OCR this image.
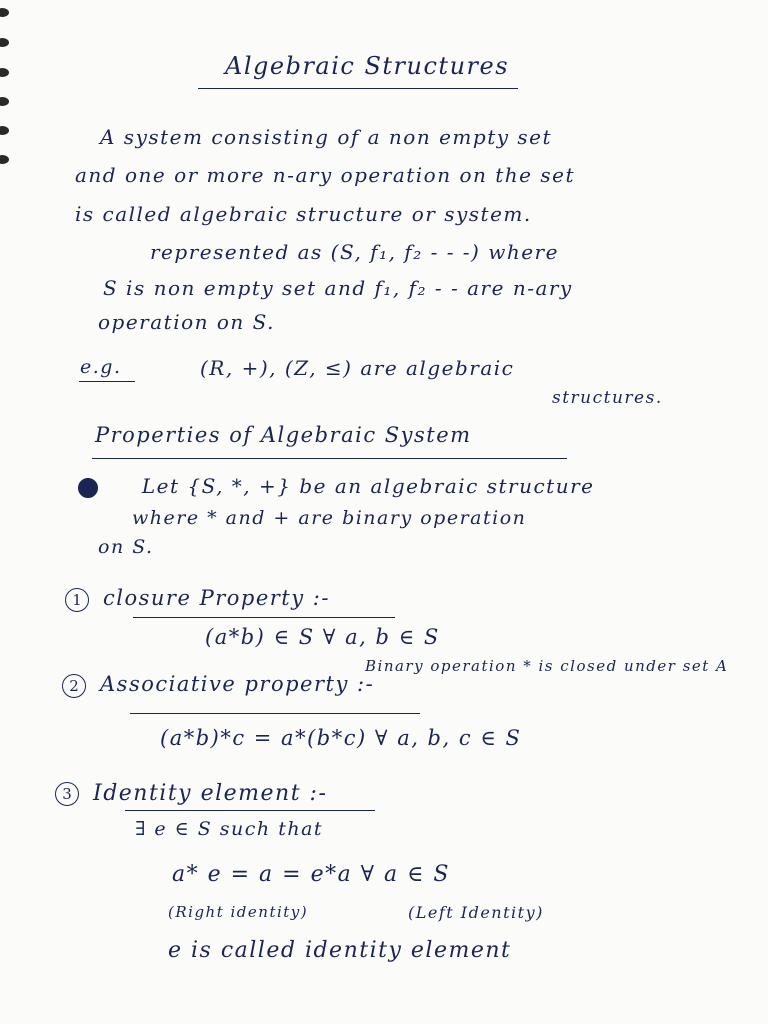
Algebraic Structures
A system consisting of a non empty set
and one or more n-ary operation on the set
is called algebraic structure or system.
represented as (S, f₁, f₂ - - -) where
S is non empty set and f₁, f₂ - - are n-ary
operation on S.
e.g.	(R, +), (Z, ≤) are algebraic
structures.
Properties of Algebraic System
Let {S, *, +} be an algebraic structure
where * and + are binary operation
on S.
1 closure Property :-
(a*b) ∈ S ∀ a, b ∈ S
Binary operation * is closed under set A
2 Associative property :-
(a*b)*c = a*(b*c) ∀ a, b, c ∈ S
3 Identity element :-
∃ e ∈ S such that
a* e = a = e*a ∀ a ∈ S
(Right identity)	(Left Identity)
e is called identity element
